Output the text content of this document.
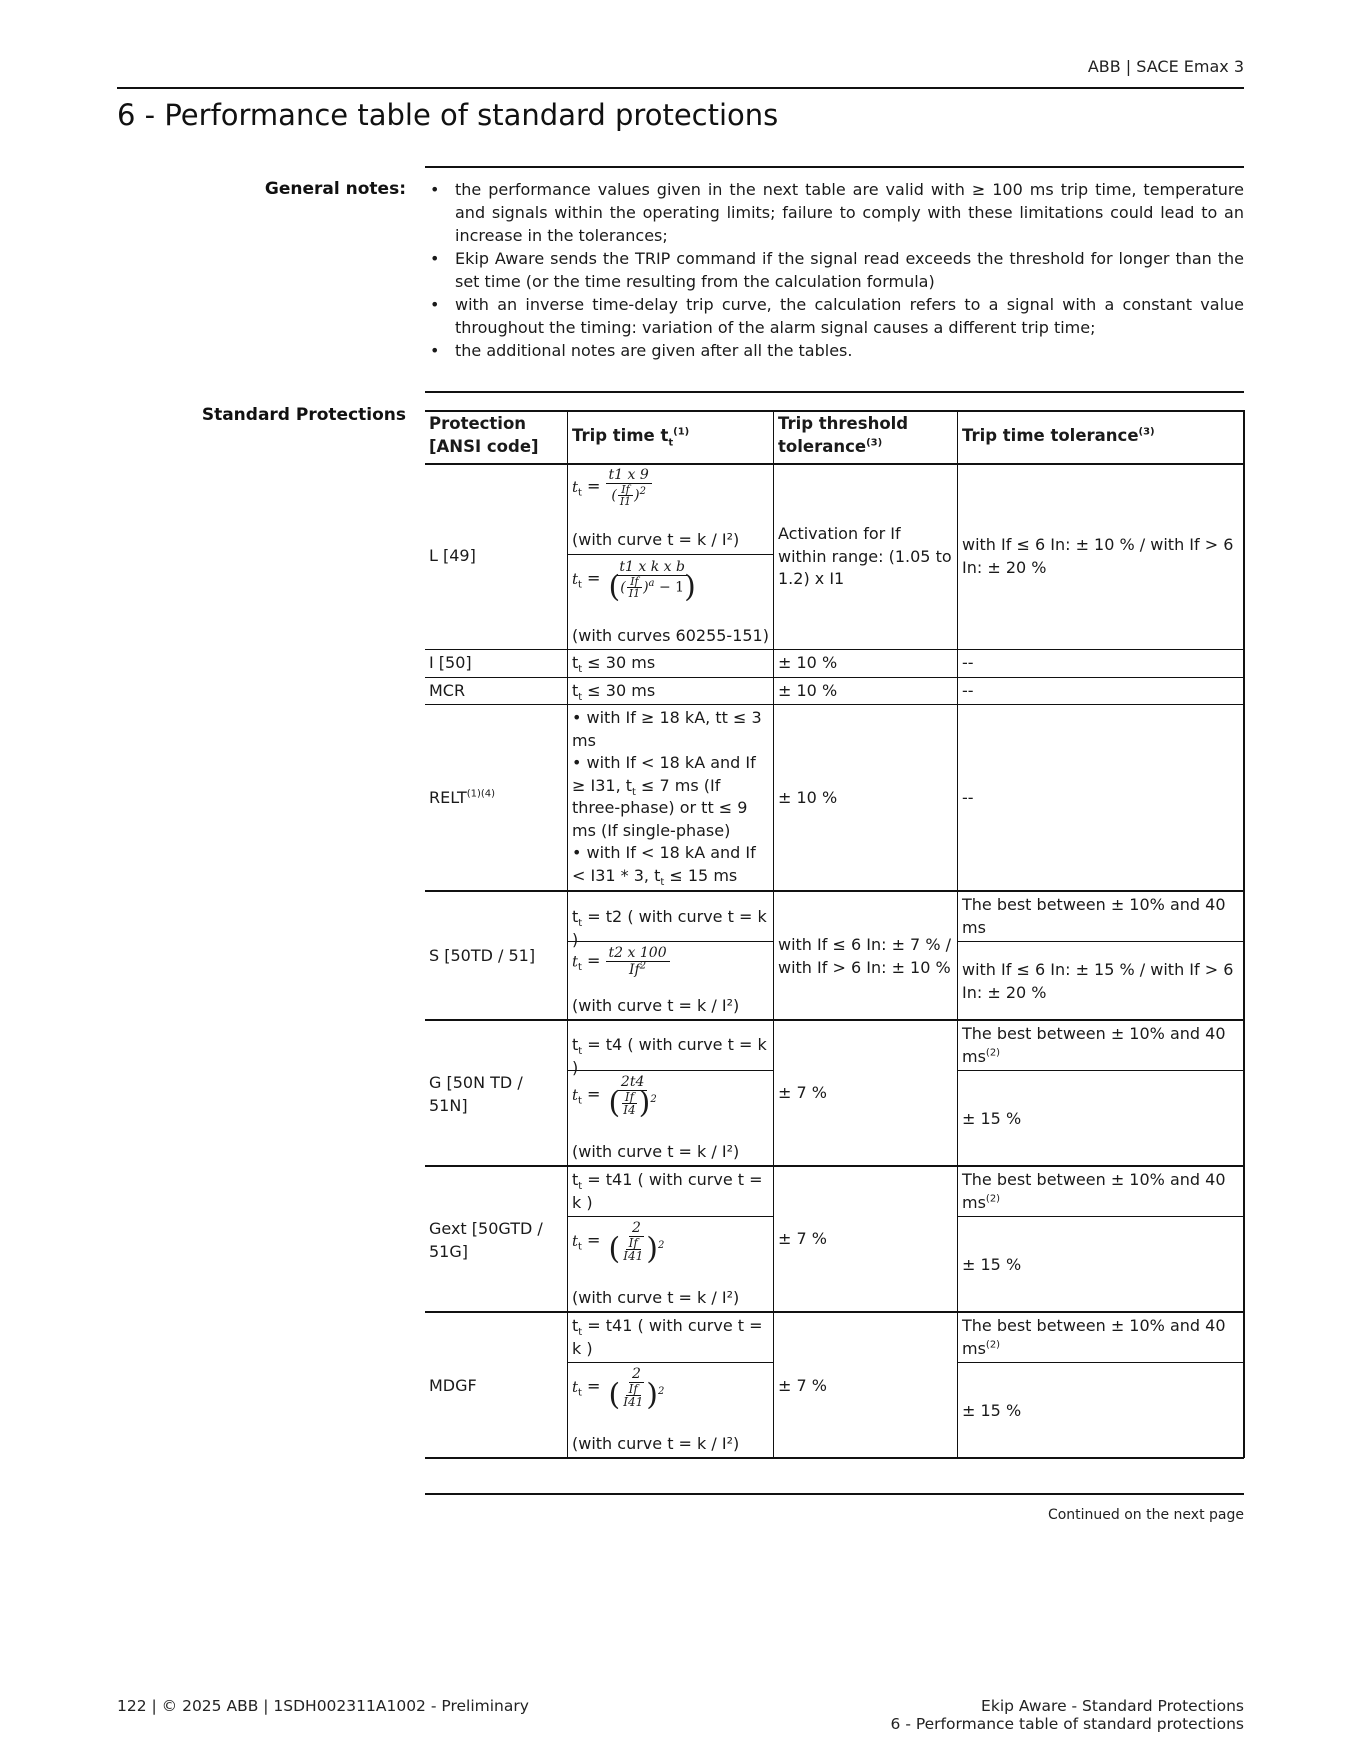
ABB | SACE Emax 3
6 - Performance table of standard protections
General notes:
•	the performance values given in the next table are valid with ≥ 100 ms trip time, temperature and signals within the operating limits; failure to comply with these limitations could lead to an increase in the tolerances;
• Ekip Aware sends the TRIP command if the signal read exceeds the threshold for longer than the set time (or the time resulting from the calculation formula)
• with an inverse time-delay trip curve, the calculation refers to a signal with a constant value throughout the timing: variation of the alarm signal causes a different trip time;
• the additional notes are given after all the tables.
Standard Protections Protection [ANSI code]
Trip time $t_t^{(1)}$	Trip threshold tolerance$^{(3)}$	Trip time tolerance$^{(3)}$
L [49]
$t_t = \frac{t1 x 9}{( \frac{If}{I1} )^2}$
(with curve t = k / I²)
$t_t = \frac{\text{t1 x k x b}}{(( \frac{If}{I1} )^a - 1)}$
(with curves 60255-151)
Activation for If within range: (1.05 to 1.2) x I1
with If ≤ 6 In: ± 10 % / with If > 6 In: ± 20 %
I [50]	$t_t \le 30$ ms	± 10 %	--
MCR	$t_t \le 30$ ms	± 10 %	--
$RELT^{(1)(4)}$
• with If ≥ 18 kA, tt ≤ 3 ms
• with If < 18 kA and If ≥ I31, $t_t \le 7$ ms (If three-phase) or tt ≤ 9 ms (If single-phase)
• with If < 18 kA and If < I31 * 3, $t_t \le 15$ ms
± 10 %	--
S [50TD / 51]
$t_t = t2$ ( with curve t = k )
$t_t = \frac{t2 x 100}{If^2}$
(with curve t = k / I²)
with If ≤ 6 In: ± 7 % / with If > 6 In: ± 10 %
The best between ± 10% and 40 ms
with If ≤ 6 In: ± 15 % / with If > 6 In: ± 20 %
G [50N TD / 51N]
$t_t = t4$ ( with curve t = k )
$t_t = \frac{2t4}{( \frac{If}{I4} )^2}$
(with curve t = k / I²)
± 7 %
The best between ± 10% and 40 $ms^{(2)}$
± 15 %
Gext [50GTD / 51G]
$t_t = t41$ ( with curve t = k )
$t_t = \frac{2}{( \frac{If}{I41} )^2}$
(with curve t = k / I²)
± 7 %
The best between ± 10% and 40 $ms^{(2)}$
± 15 %
MDGF
$t_t = t41$ ( with curve t = k )
$t_t = \frac{2}{( \frac{If}{I41} )^2}$
(with curve t = k / I²)
± 7 %
The best between ± 10% and 40 $ms^{(2)}$
± 15 %
Continued on the next page
122 | © 2025 ABB | 1SDH002311A1002 - Preliminary	Ekip Aware - Standard Protections
6 - Performance table of standard protections
